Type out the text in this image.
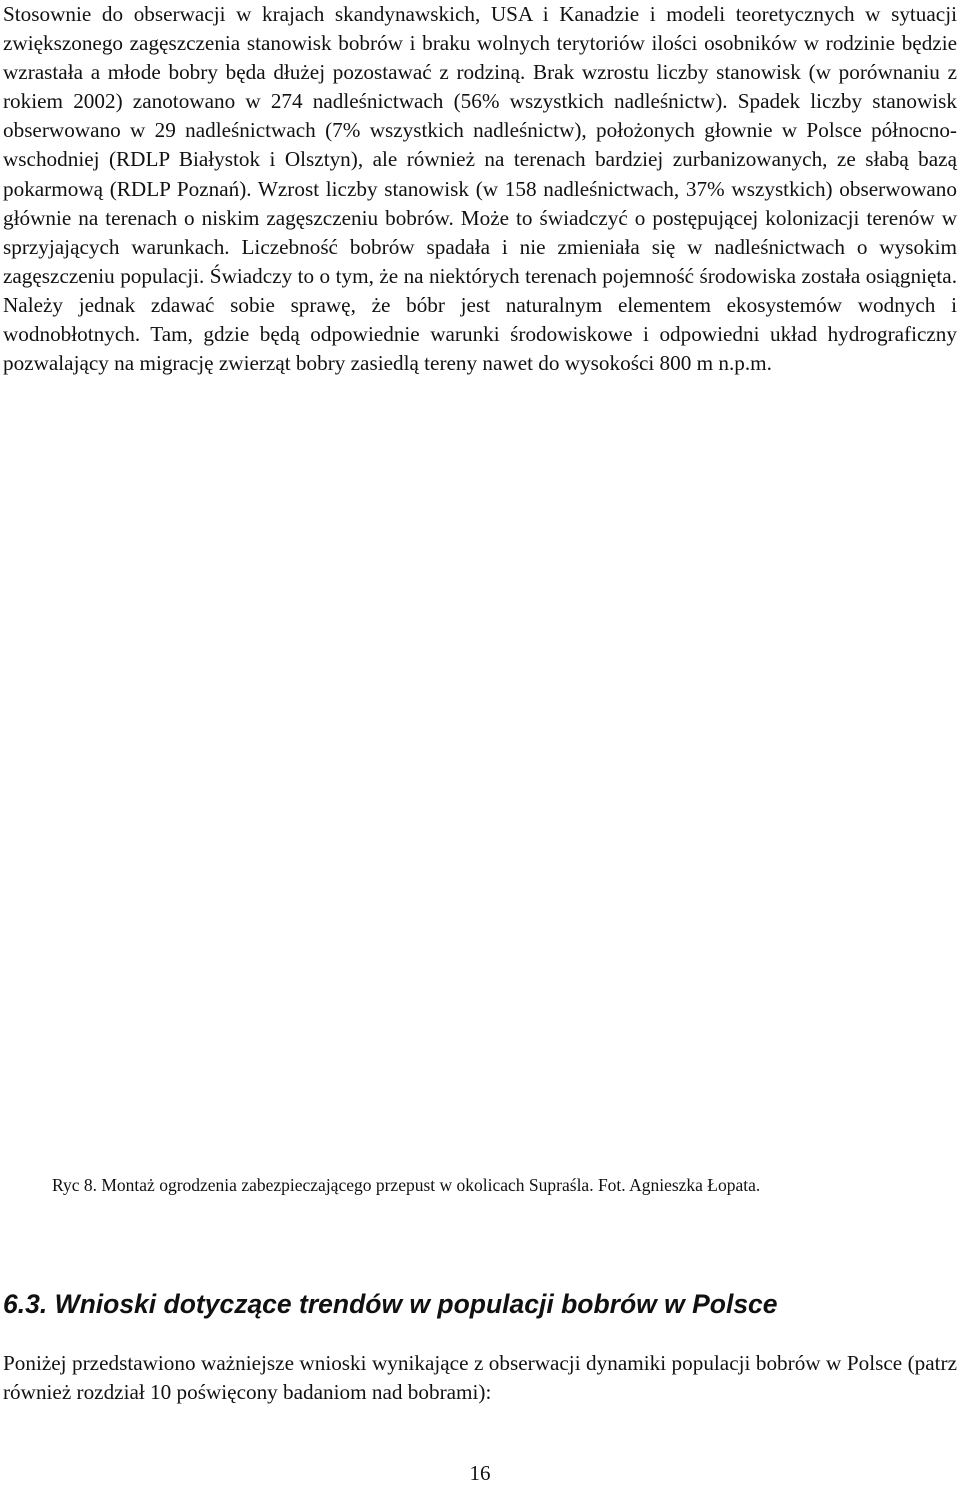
Stosownie do obserwacji w krajach skandynawskich, USA i Kanadzie i modeli teoretycznych w sytuacji zwiększonego zagęszczenia stanowisk bobrów i braku wolnych terytoriów ilości osobników w rodzinie będzie wzrastała a młode bobry będa dłużej pozostawać z rodziną. Brak wzrostu liczby stanowisk (w porównaniu z rokiem 2002) zanotowano w 274 nadleśnictwach (56% wszystkich nadleśnictw). Spadek liczby stanowisk obserwowano w 29 nadleśnictwach (7% wszystkich nadleśnictw), położonych głownie w Polsce północno-wschodniej (RDLP Białystok i Olsztyn), ale również na terenach bardziej zurbanizowanych, ze słabą bazą pokarmową (RDLP Poznań). Wzrost liczby stanowisk (w 158 nadleśnictwach, 37% wszystkich) obserwowano głównie na terenach o niskim zagęszczeniu bobrów. Może to świadczyć o postępującej kolonizacji terenów w sprzyjających warunkach. Liczebność bobrów spadała i nie zmieniała się w nadleśnictwach o wysokim zagęszczeniu populacji. Świadczy to o tym, że na niektórych terenach pojemność środowiska została osiągnięta. Należy jednak zdawać sobie sprawę, że bóbr jest naturalnym elementem ekosystemów wodnych i wodnobłotnych. Tam, gdzie będą odpowiednie warunki środowiskowe i odpowiedni układ hydrograficzny pozwalający na migrację zwierząt bobry zasiedlą tereny nawet do wysokości 800 m n.p.m.

Ryc 8. Montaż ogrodzenia zabezpieczającego przepust w okolicach Supraśla. Fot. Agnieszka Łopata.

6.3. Wnioski dotyczące trendów w populacji bobrów w Polsce

Poniżej przedstawiono ważniejsze wnioski wynikające z obserwacji dynamiki populacji bobrów w Polsce (patrz również rozdział 10 poświęcony badaniom nad bobrami):

16
